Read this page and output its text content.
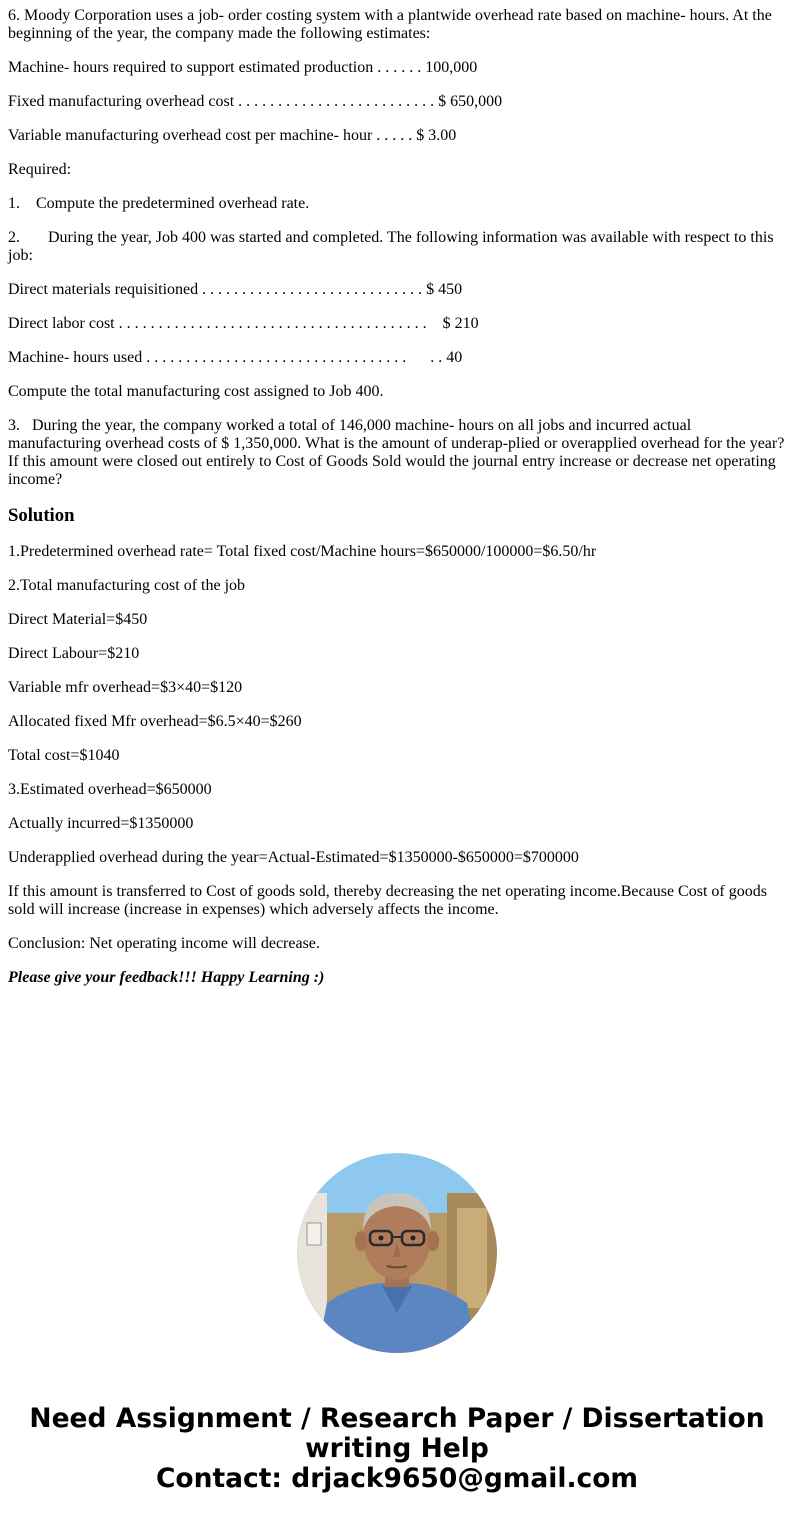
6. Moody Corporation uses a job- order costing system with a plantwide overhead rate based on machine- hours. At the beginning of the year, the company made the following estimates:

Machine- hours required to support estimated production . . . . . . 100,000

Fixed manufacturing overhead cost . . . . . . . . . . . . . . . . . . . . . . . . . $ 650,000

Variable manufacturing overhead cost per machine- hour . . . . . $ 3.00

Required:

1.    Compute the predetermined overhead rate.

2.       During the year, Job 400 was started and completed. The following information was available with respect to this job:

Direct materials requisitioned . . . . . . . . . . . . . . . . . . . . . . . . . . . . $ 450

Direct labor cost . . . . . . . . . . . . . . . . . . . . . . . . . . . . . . . . . . . . . . .    $ 210

Machine- hours used . . . . . . . . . . . . . . . . . . . . . . . . . . . . . . . . .      . . 40

Compute the total manufacturing cost assigned to Job 400.

3.   During the year, the company worked a total of 146,000 machine- hours on all jobs and incurred actual manufacturing overhead costs of $ 1,350,000. What is the amount of underap-plied or overapplied overhead for the year? If this amount were closed out entirely to Cost of Goods Sold would the journal entry increase or decrease net operating income?

Solution

1.Predetermined overhead rate= Total fixed cost/Machine hours=$650000/100000=$6.50/hr

2.Total manufacturing cost of the job

Direct Material=$450

Direct Labour=$210

Variable mfr overhead=$3×40=$120

Allocated fixed Mfr overhead=$6.5×40=$260

Total cost=$1040

3.Estimated overhead=$650000

Actually incurred=$1350000

Underapplied overhead during the year=Actual-Estimated=$1350000-$650000=$700000

If this amount is transferred to Cost of goods sold, thereby decreasing the net operating income.Because Cost of goods sold will increase (increase in expenses) which adversely affects the income.

Conclusion: Net operating income will decrease.

Please give your feedback!!! Happy Learning :)

Need Assignment / Research Paper / Dissertation
writing Help
Contact: drjack9650@gmail.com
